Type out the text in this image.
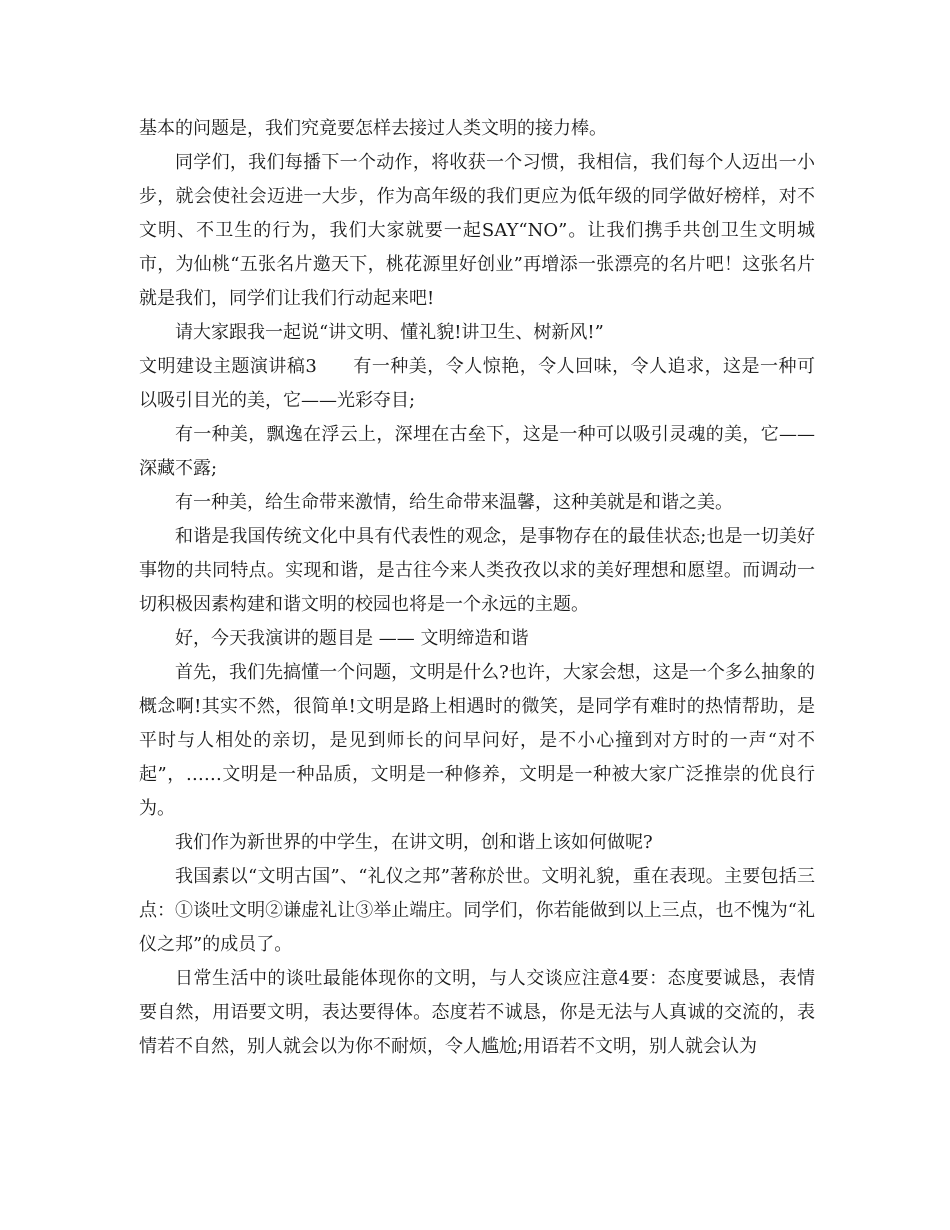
基本的问题是，我们究竟要怎样去接过人类文明的接力棒。

同学们，我们每播下一个动作，将收获一个习惯，我相信，我们每个人迈出一小步，就会使社会迈进一大步，作为高年级的我们更应为低年级的同学做好榜样，对不文明、不卫生的行为，我们大家就要一起SAY“NO”。让我们携手共创卫生文明城市，为仙桃“五张名片邀天下，桃花源里好创业”再增添一张漂亮的名片吧！这张名片就是我们，同学们让我们行动起来吧!

请大家跟我一起说“讲文明、懂礼貌!讲卫生、树新风!”

文明建设主题演讲稿3 有一种美，令人惊艳，令人回味，令人追求，这是一种可以吸引目光的美，它——光彩夺目;

有一种美，飘逸在浮云上，深埋在古垒下，这是一种可以吸引灵魂的美，它——深藏不露;

有一种美，给生命带来激情，给生命带来温馨，这种美就是和谐之美。

和谐是我国传统文化中具有代表性的观念，是事物存在的最佳状态;也是一切美好事物的共同特点。实现和谐，是古往今来人类孜孜以求的美好理想和愿望。而调动一切积极因素构建和谐文明的校园也将是一个永远的主题。

好，今天我演讲的题目是 —— 文明缔造和谐

首先，我们先搞懂一个问题，文明是什么?也许，大家会想，这是一个多么抽象的概念啊!其实不然，很简单!文明是路上相遇时的微笑，是同学有难时的热情帮助，是平时与人相处的亲切，是见到师长的问早问好，是不小心撞到对方时的一声“对不起”，……文明是一种品质，文明是一种修养，文明是一种被大家广泛推崇的优良行为。

我们作为新世界的中学生，在讲文明，创和谐上该如何做呢?

我国素以“文明古国”、“礼仪之邦”著称於世。文明礼貌，重在表现。主要包括三点：①谈吐文明②谦虚礼让③举止端庄。同学们，你若能做到以上三点，也不愧为“礼仪之邦”的成员了。

日常生活中的谈吐最能体现你的文明，与人交谈应注意4要：态度要诚恳，表情要自然，用语要文明，表达要得体。态度若不诚恳，你是无法与人真诚的交流的，表情若不自然，别人就会以为你不耐烦，令人尴尬;用语若不文明，别人就会认为
